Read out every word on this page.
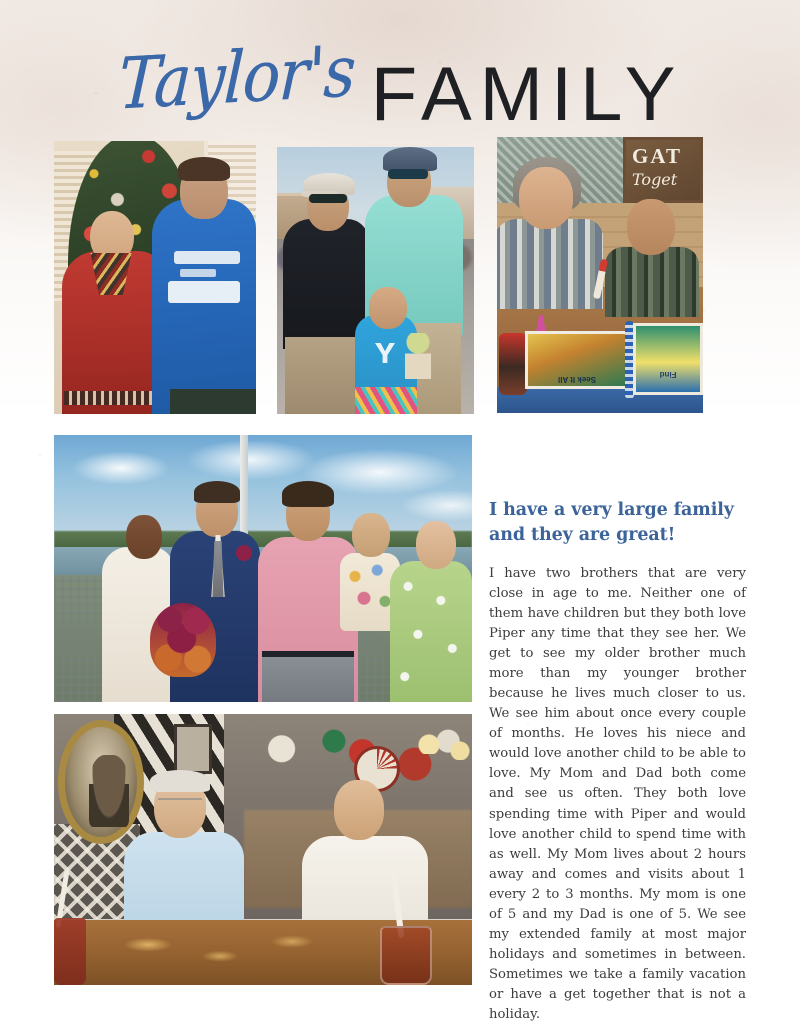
Taylor's FAMILY
GAT
Toget
Seek It All
Find
I have a very large family and they are great!

I have two brothers that are very close in age to me. Neither one of them have children but they both love Piper any time that they see her. We get to see my older brother much more than my younger brother because he lives much closer to us. We see him about once every couple of months. He loves his niece and would love another child to be able to love. My Mom and Dad both come and see us often. They both love spending time with Piper and would love another child to spend time with as well. My Mom lives about 2 hours away and comes and visits about 1 every 2 to 3 months. My mom is one of 5 and my Dad is one of 5. We see my extended family at most major holidays and sometimes in between. Sometimes we take a family vacation or have a get together that is not a holiday.
